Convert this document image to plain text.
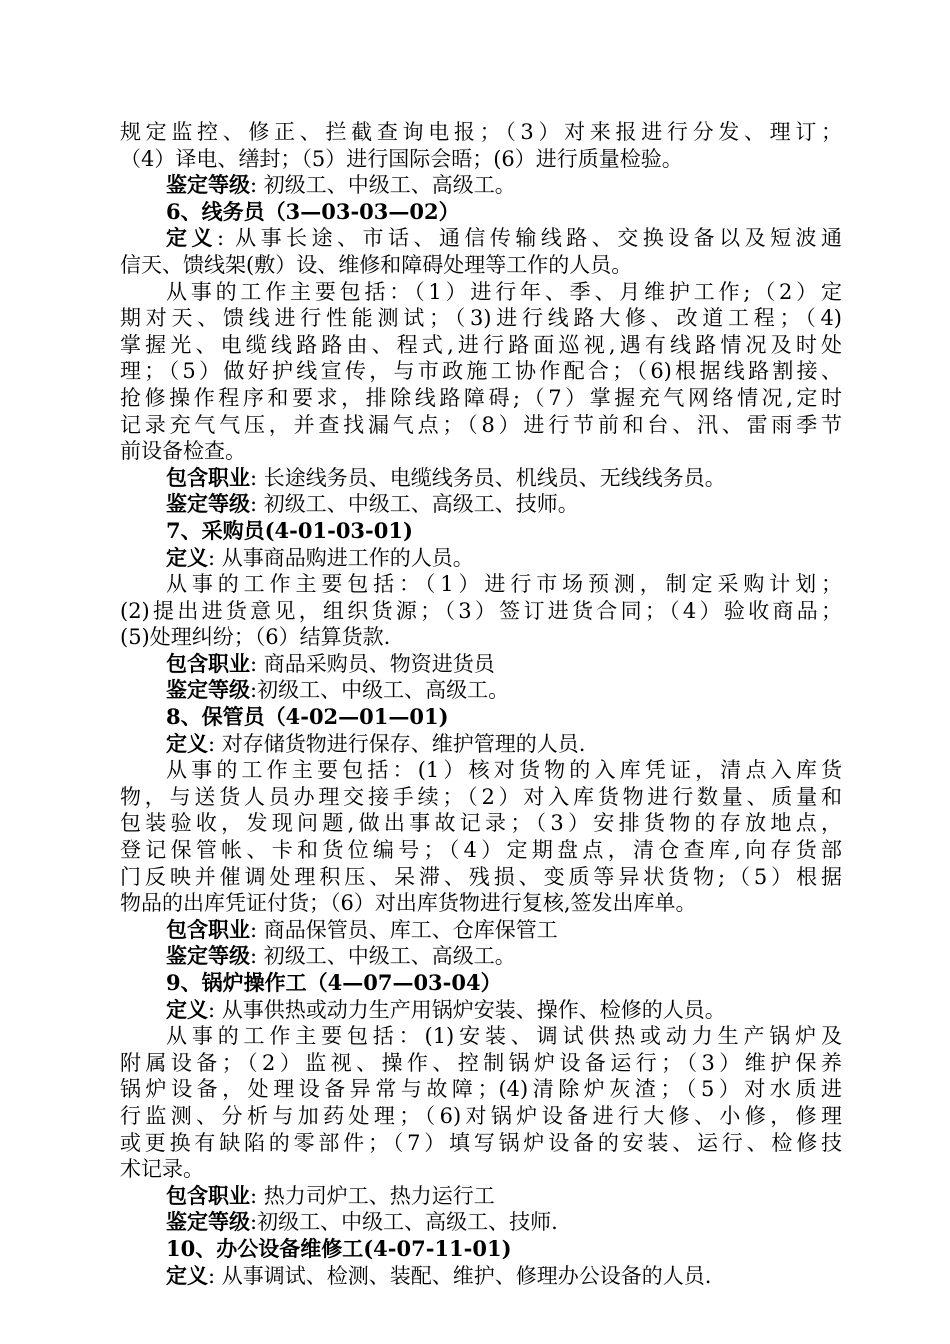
规定监控、修正、拦截查询电报；（3）对来报进行分发、理订；
（4）译电、缮封；（5）进行国际会晤；(6）进行质量检验。
鉴定等级: 初级工、中级工、高级工。
6、线务员（3—03-03—02）
定义: 从事长途、市话、通信传输线路、交换设备以及短波通
信天、馈线架(敷）设、维修和障碍处理等工作的人员。
从事的工作主要包括：（1）进行年、季、月维护工作;（2）定
期对天、馈线进行性能测试；（3)进行线路大修、改道工程；（4)
掌握光、电缆线路路由、程式,进行路面巡视,遇有线路情况及时处
理；（5）做好护线宣传，与市政施工协作配合；（6)根据线路割接、
抢修操作程序和要求，排除线路障碍;（7）掌握充气网络情况,定时
记录充气气压，并查找漏气点；（8）进行节前和台、汛、雷雨季节
前设备检查。
包含职业: 长途线务员、电缆线务员、机线员、无线线务员。
鉴定等级: 初级工、中级工、高级工、技师。
7、采购员(4-01-03-01)
定义: 从事商品购进工作的人员。
从事的工作主要包括：（1）进行市场预测，制定采购计划；
(2)提出进货意见，组织货源；（3）签订进货合同；（4）验收商品；
(5)处理纠纷；（6）结算货款.
包含职业: 商品采购员、物资进货员
鉴定等级:初级工、中级工、高级工。
8、保管员（4-02—01—01)
定义: 对存储货物进行保存、维护管理的人员.
从事的工作主要包括：(1）核对货物的入库凭证，清点入库货
物，与送货人员办理交接手续；（2）对入库货物进行数量、质量和
包装验收，发现问题,做出事故记录；（3）安排货物的存放地点，
登记保管帐、卡和货位编号；（4）定期盘点，清仓查库,向存货部
门反映并催调处理积压、呆滞、残损、变质等异状货物;（5）根据
物品的出库凭证付货；（6）对出库货物进行复核,签发出库单。
包含职业: 商品保管员、库工、仓库保管工
鉴定等级: 初级工、中级工、高级工。
9、锅炉操作工（4—07—03-04）
定义: 从事供热或动力生产用锅炉安装、操作、检修的人员。
从事的工作主要包括：(1)安装、调试供热或动力生产锅炉及
附属设备；（2）监视、操作、控制锅炉设备运行；（3）维护保养
锅炉设备，处理设备异常与故障；(4)清除炉灰渣；（5）对水质进
行监测、分析与加药处理；（6)对锅炉设备进行大修、小修，修理
或更换有缺陷的零部件；（7）填写锅炉设备的安装、运行、检修技
术记录。
包含职业: 热力司炉工、热力运行工
鉴定等级:初级工、中级工、高级工、技师.
10、办公设备维修工(4-07-11-01)
定义: 从事调试、检测、装配、维护、修理办公设备的人员.
